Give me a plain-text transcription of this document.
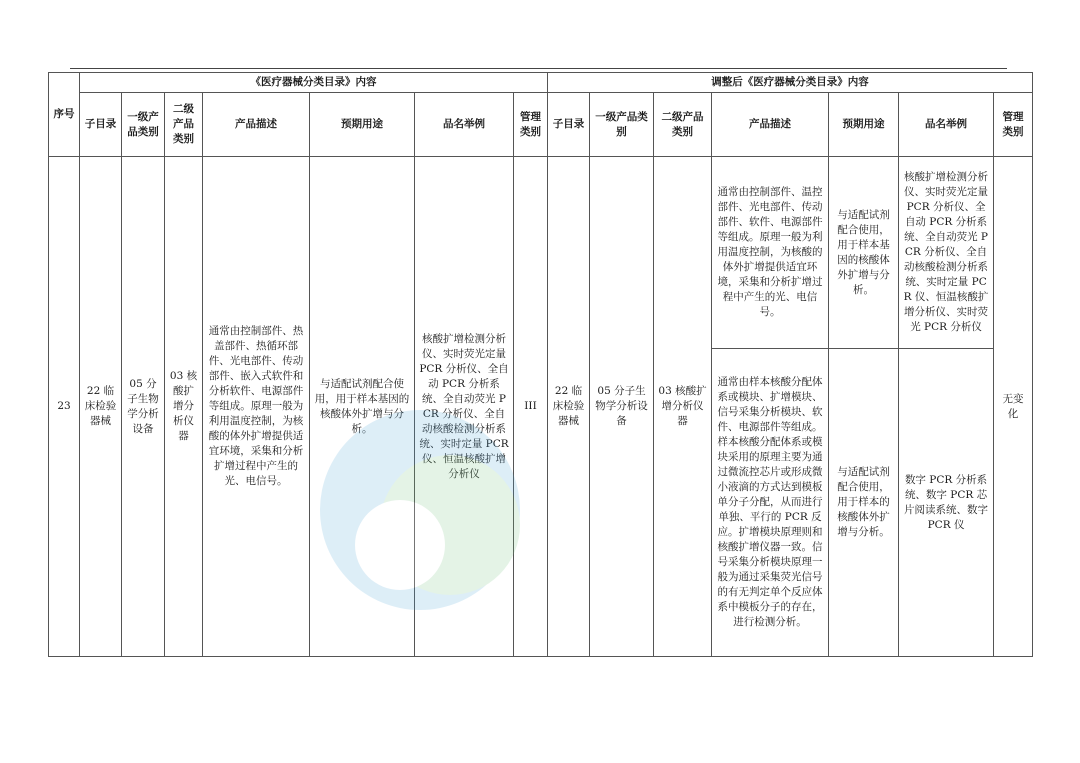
序号	《医疗器械分类目录》内容							调整后《医疗器械分类目录》内容						
	子目录	一级产品类别	二级产品类别	产品描述	预期用途	品名举例	管理类别	子目录	一级产品类别	二级产品类别	产品描述	预期用途	品名举例	管理类别
23	22 临床检验器械	05 分子生物学分析设备	03 核酸扩增分析仪器	通常由控制部件、热盖部件、热循环部件、光电部件、传动部件、嵌入式软件和分析软件、电源部件等组成。原理一般为利用温度控制，为核酸的体外扩增提供适宜环境，采集和分析扩增过程中产生的光、电信号。	与适配试剂配合使用，用于样本基因的核酸体外扩增与分析。	核酸扩增检测分析仪、实时荧光定量 PCR 分析仪、全自动 PCR 分析系统、全自动荧光 PCR 分析仪、全自动核酸检测分析系统、实时定量 PCR 仪、恒温核酸扩增分析仪	III	22 临床检验器械	05 分子生物学分析设备	03 核酸扩增分析仪器	通常由控制部件、温控部件、光电部件、传动部件、软件、电源部件等组成。原理一般为利用温度控制，为核酸的体外扩增提供适宜环境，采集和分析扩增过程中产生的光、电信号。	与适配试剂配合使用，用于样本基因的核酸体外扩增与分析。	核酸扩增检测分析仪、实时荧光定量 PCR 分析仪、全自动 PCR 分析系统、全自动荧光 PCR 分析仪、全自动核酸检测分析系统、实时定量 PCR 仪、恒温核酸扩增分析仪、实时荧光 PCR 分析仪	无变化
											通常由样本核酸分配体系或模块、扩增模块、信号采集分析模块、软件、电源部件等组成。样本核酸分配体系或模块采用的原理主要为通过微流控芯片或形成微小液滴的方式达到模板单分子分配，从而进行单独、平行的 PCR 反应。扩增模块原理则和核酸扩增仪器一致。信号采集分析模块原理一般为通过采集荧光信号的有无判定单个反应体系中模板分子的存在，进行检测分析。	与适配试剂配合使用，用于样本的核酸体外扩增与分析。	数字 PCR 分析系统、数字 PCR 芯片阅读系统、数字 PCR 仪	
